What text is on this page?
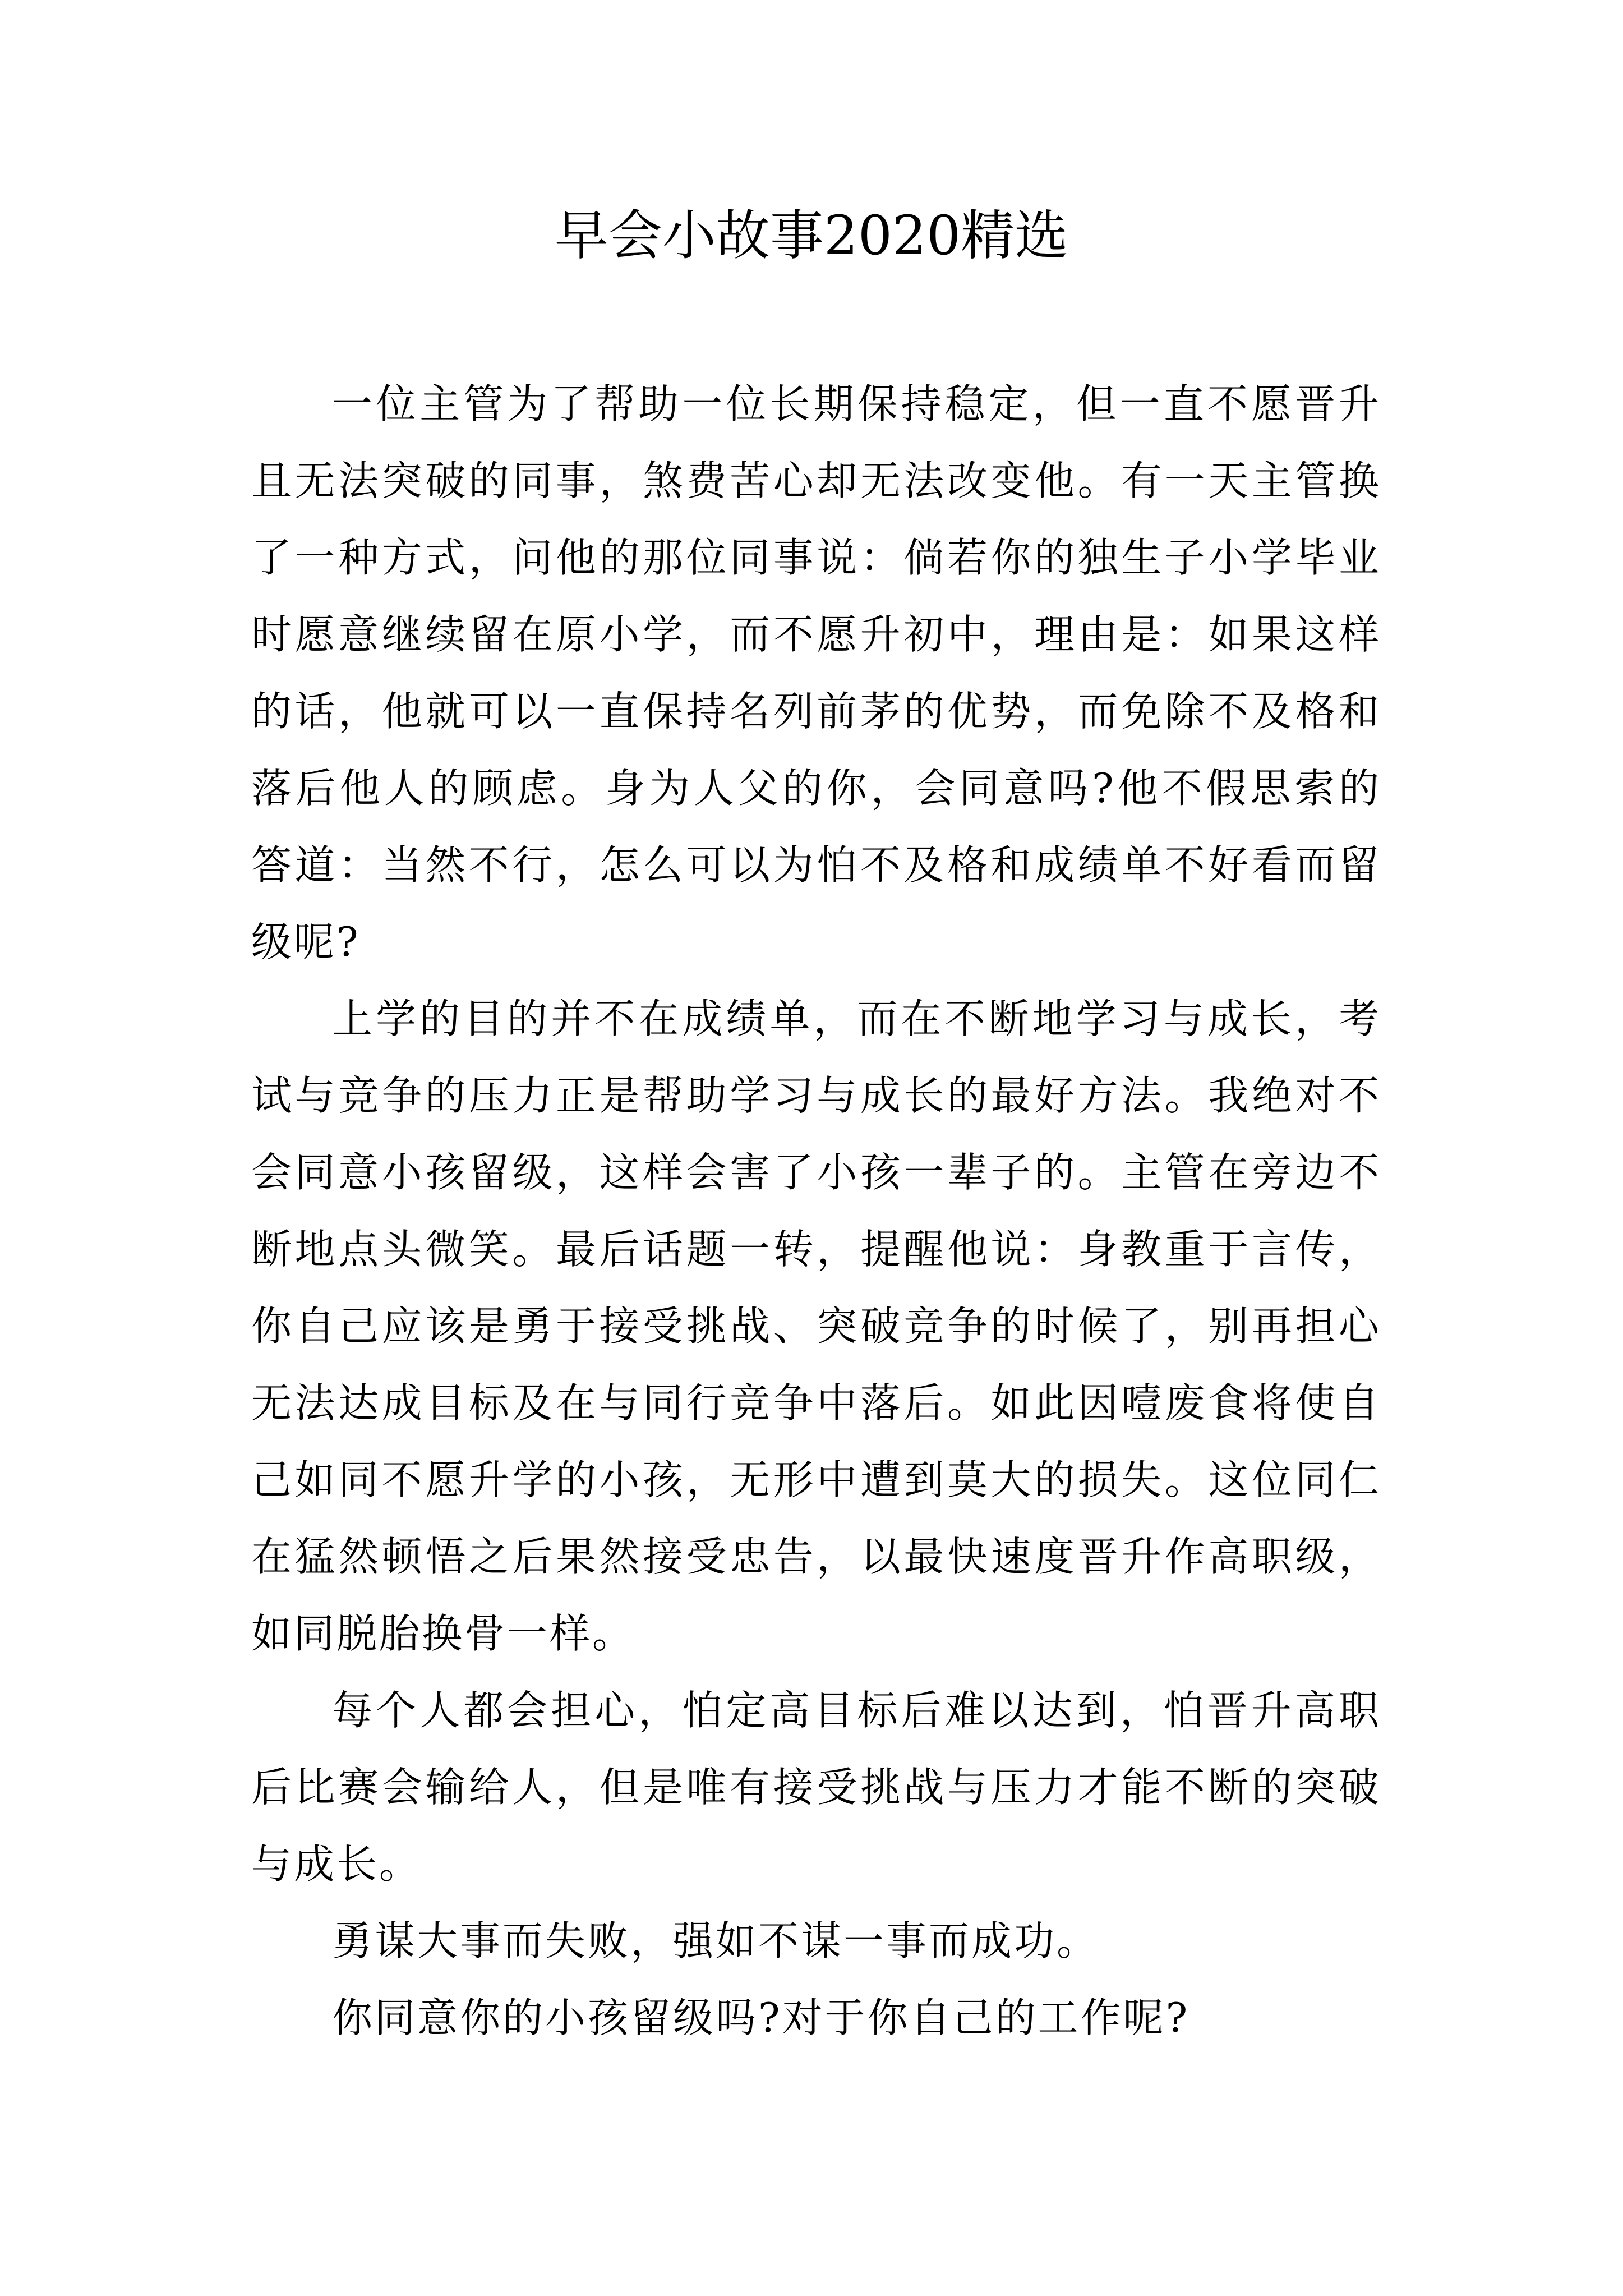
早会小故事2020精选

一位主管为了帮助一位长期保持稳定，但一直不愿晋升且无法突破的同事，煞费苦心却无法改变他。有一天主管换了一种方式，问他的那位同事说：倘若你的独生子小学毕业时愿意继续留在原小学，而不愿升初中，理由是：如果这样的话，他就可以一直保持名列前茅的优势，而免除不及格和落后他人的顾虑。身为人父的你，会同意吗?他不假思索的答道：当然不行，怎么可以为怕不及格和成绩单不好看而留级呢?

上学的目的并不在成绩单，而在不断地学习与成长，考试与竞争的压力正是帮助学习与成长的最好方法。我绝对不会同意小孩留级，这样会害了小孩一辈子的。主管在旁边不断地点头微笑。最后话题一转，提醒他说：身教重于言传，你自己应该是勇于接受挑战、突破竞争的时候了，别再担心无法达成目标及在与同行竞争中落后。如此因噎废食将使自己如同不愿升学的小孩，无形中遭到莫大的损失。这位同仁在猛然顿悟之后果然接受忠告，以最快速度晋升作高职级，如同脱胎换骨一样。

每个人都会担心，怕定高目标后难以达到，怕晋升高职后比赛会输给人，但是唯有接受挑战与压力才能不断的突破与成长。

勇谋大事而失败，强如不谋一事而成功。

你同意你的小孩留级吗?对于你自己的工作呢?
